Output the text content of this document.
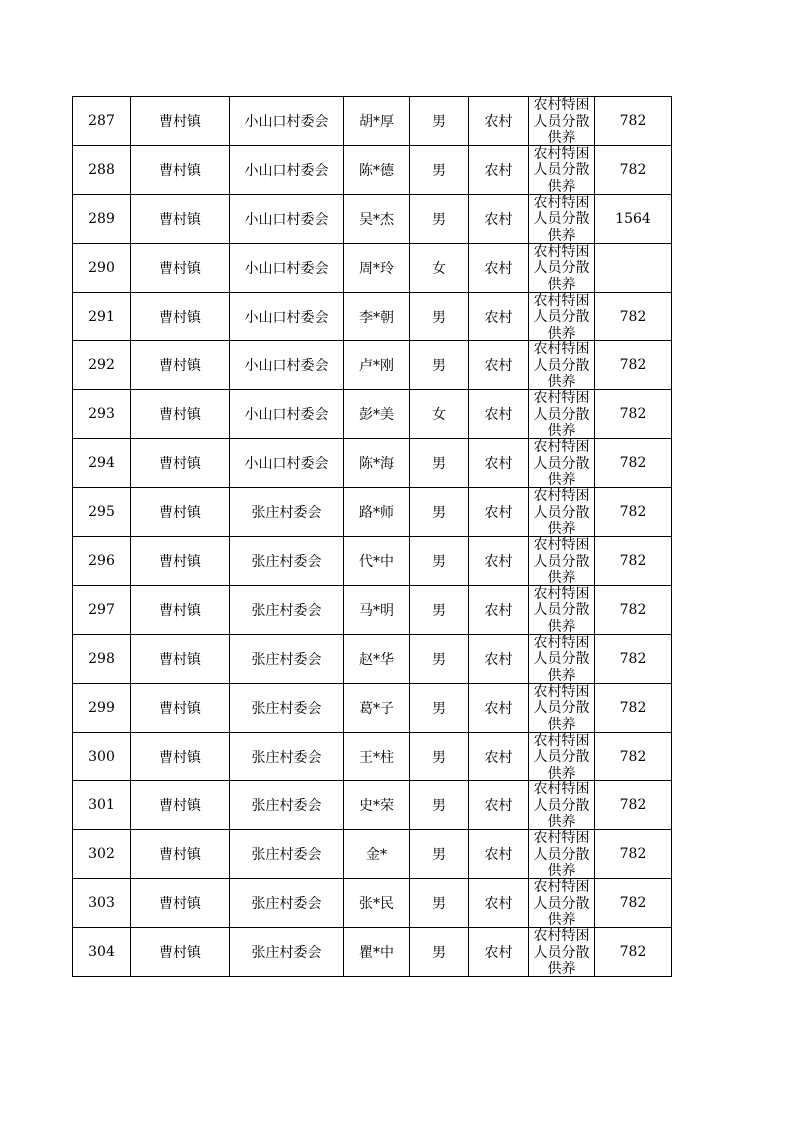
287	曹村镇	小山口村委会	胡*厚	男	农村	农村特困人员分散供养	782
288	曹村镇	小山口村委会	陈*德	男	农村	农村特困人员分散供养	782
289	曹村镇	小山口村委会	吴*杰	男	农村	农村特困人员分散供养	1564
290	曹村镇	小山口村委会	周*玲	女	农村	农村特困人员分散供养	

291	曹村镇	小山口村委会	李*朝	男	农村	农村特困人员分散供养	782
292	曹村镇	小山口村委会	卢*刚	男	农村	农村特困人员分散供养	782
293	曹村镇	小山口村委会	彭*美	女	农村	农村特困人员分散供养	782
294	曹村镇	小山口村委会	陈*海	男	农村	农村特困人员分散供养	782
295	曹村镇	张庄村委会	路*师	男	农村	农村特困人员分散供养	782
296	曹村镇	张庄村委会	代*中	男	农村	农村特困人员分散供养	782
297	曹村镇	张庄村委会	马*明	男	农村	农村特困人员分散供养	782
298	曹村镇	张庄村委会	赵*华	男	农村	农村特困人员分散供养	782
299	曹村镇	张庄村委会	葛*子	男	农村	农村特困人员分散供养	782
300	曹村镇	张庄村委会	王*柱	男	农村	农村特困人员分散供养	782
301	曹村镇	张庄村委会	史*荣	男	农村	农村特困人员分散供养	782
302	曹村镇	张庄村委会	金*	男	农村	农村特困人员分散供养	782
303	曹村镇	张庄村委会	张*民	男	农村	农村特困人员分散供养	782
304	曹村镇	张庄村委会	瞿*中	男	农村	农村特困人员分散供养	782
